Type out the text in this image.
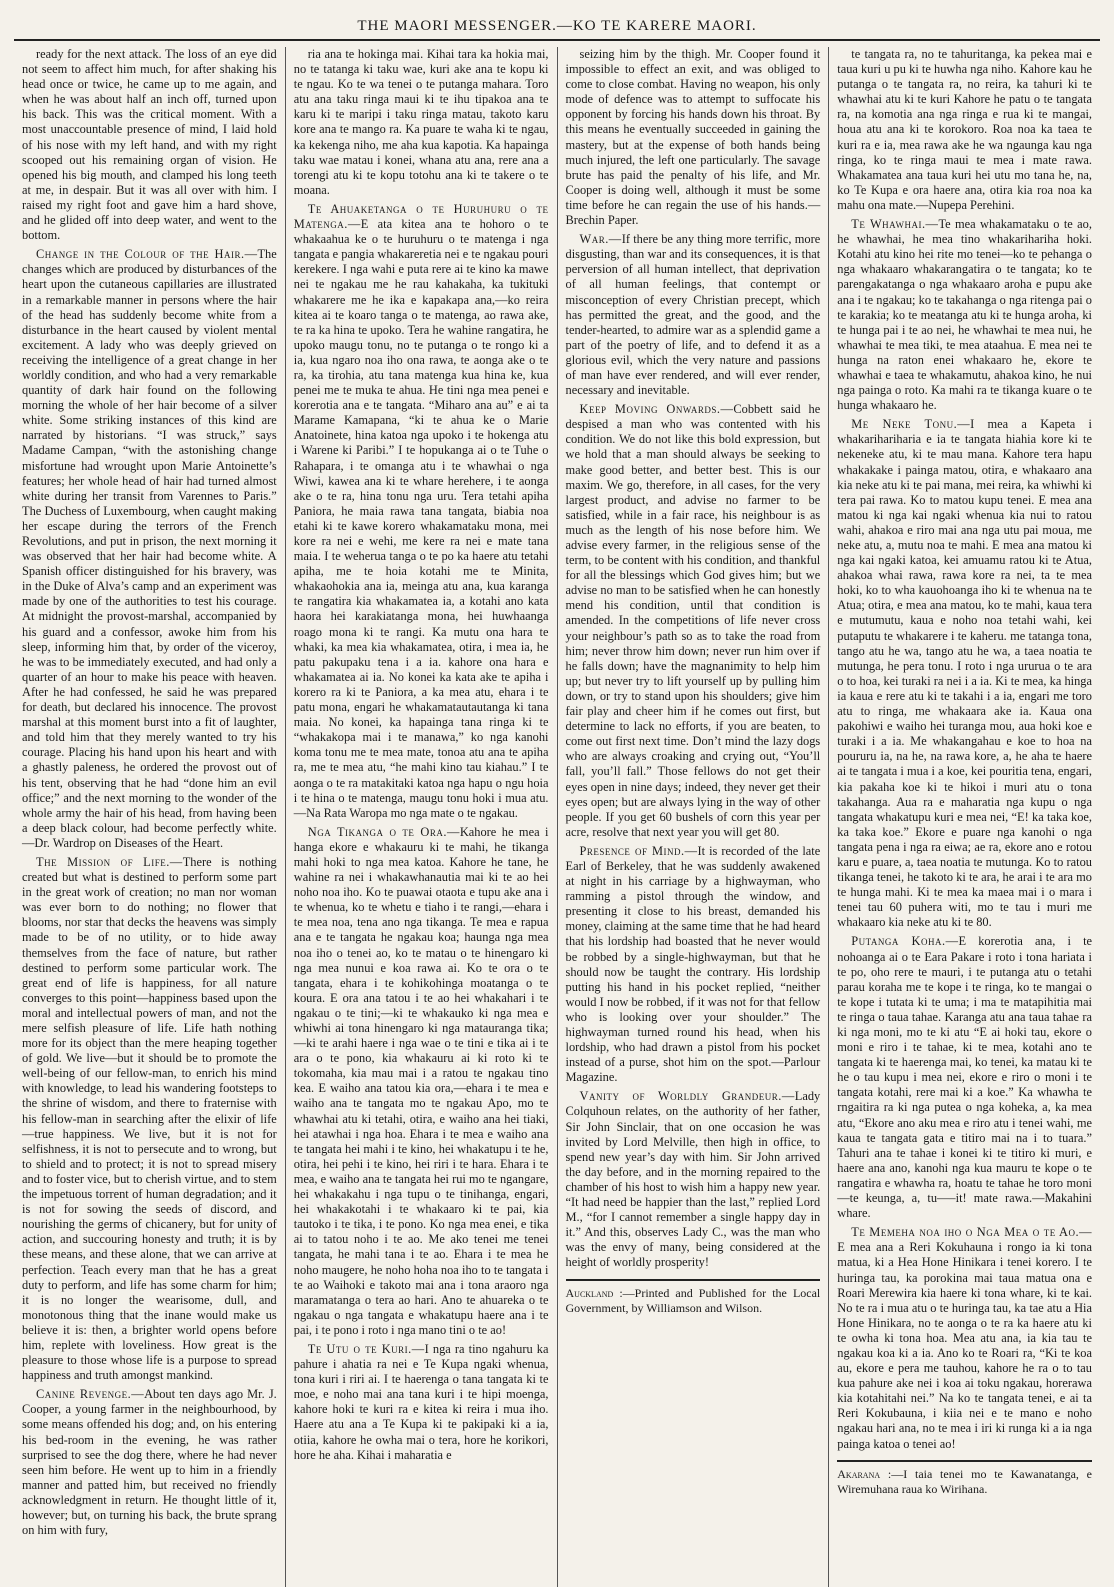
THE MAORI MESSENGER.—KO TE KARERE MAORI.

ready for the next attack. The loss of an eye did not seem to affect him much, for after shaking his head once or twice, he came up to me again, and when he was about half an inch off, turned upon his back. This was the critical moment. With a most unaccountable presence of mind, I laid hold of his nose with my left hand, and with my right scooped out his remaining organ of vision. He opened his big mouth, and clamped his long teeth at me, in despair. But it was all over with him. I raised my right foot and gave him a hard shove, and he glided off into deep water, and went to the bottom.

Change in the Colour of the Hair.—The changes which are produced by disturbances of the heart upon the cutaneous capillaries are illustrated in a remarkable manner in persons where the hair of the head has suddenly become white from a disturbance in the heart caused by violent mental excitement. A lady who was deeply grieved on receiving the intelligence of a great change in her worldly condition, and who had a very remarkable quantity of dark hair found on the following morning the whole of her hair become of a silver white. Some striking instances of this kind are narrated by historians. “I was struck,” says Madame Campan, “with the astonishing change misfortune had wrought upon Marie Antoinette’s features; her whole head of hair had turned almost white during her transit from Varennes to Paris.” The Duchess of Luxembourg, when caught making her escape during the terrors of the French Revolutions, and put in prison, the next morning it was observed that her hair had become white. A Spanish officer distinguished for his bravery, was in the Duke of Alva’s camp and an experiment was made by one of the authorities to test his courage. At midnight the provost-marshal, accompanied by his guard and a confessor, awoke him from his sleep, informing him that, by order of the viceroy, he was to be immediately executed, and had only a quarter of an hour to make his peace with heaven. After he had confessed, he said he was prepared for death, but declared his innocence. The provost marshal at this moment burst into a fit of laughter, and told him that they merely wanted to try his courage. Placing his hand upon his heart and with a ghastly paleness, he ordered the provost out of his tent, observing that he had “done him an evil office;” and the next morning to the wonder of the whole army the hair of his head, from having been a deep black colour, had become perfectly white.—Dr. Wardrop on Diseases of the Heart.

The Mission of Life.—There is nothing created but what is destined to perform some part in the great work of creation; no man nor woman was ever born to do nothing; no flower that blooms, nor star that decks the heavens was simply made to be of no utility, or to hide away themselves from the face of nature, but rather destined to perform some particular work. The great end of life is happiness, for all nature converges to this point—happiness based upon the moral and intellectual powers of man, and not the mere selfish pleasure of life. Life hath nothing more for its object than the mere heaping together of gold. We live—but it should be to promote the well-being of our fellow-man, to enrich his mind with knowledge, to lead his wandering footsteps to the shrine of wisdom, and there to fraternise with his fellow-man in searching after the elixir of life—true happiness. We live, but it is not for selfishness, it is not to persecute and to wrong, but to shield and to protect; it is not to spread misery and to foster vice, but to cherish virtue, and to stem the impetuous torrent of human degradation; and it is not for sowing the seeds of discord, and nourishing the germs of chicanery, but for unity of action, and succouring honesty and truth; it is by these means, and these alone, that we can arrive at perfection. Teach every man that he has a great duty to perform, and life has some charm for him; it is no longer the wearisome, dull, and monotonous thing that the inane would make us believe it is: then, a brighter world opens before him, replete with loveliness. How great is the pleasure to those whose life is a purpose to spread happiness and truth amongst mankind.

Canine Revenge.—About ten days ago Mr. J. Cooper, a young farmer in the neighbourhood, by some means offended his dog; and, on his entering his bed-room in the evening, he was rather surprised to see the dog there, where he had never seen him before. He went up to him in a friendly manner and patted him, but received no friendly acknowledgment in return. He thought little of it, however; but, on turning his back, the brute sprang on him with fury,

ria ana te hokinga mai. Kihai tara ka hokia mai, no te tatanga ki taku wae, kuri ake ana te kopu ki te ngau. Ko te wa tenei o te putanga mahara. Toro atu ana taku ringa maui ki te ihu tipakoa ana te karu ki te maripi i taku ringa matau, takoto karu kore ana te mango ra. Ka puare te waha ki te ngau, ka kekenga niho, me aha kua kapotia. Ka hapainga taku wae matau i konei, whana atu ana, rere ana a torengi atu ki te kopu totohu ana ki te takere o te moana.

Te Ahuaketanga o te Huruhuru o te Matenga.—E ata kitea ana te hohoro o te whakaahua ke o te huruhuru o te matenga i nga tangata e pangia whakareretia nei e te ngakau pouri kerekere. I nga wahi e puta rere ai te kino ka mawe nei te ngakau me he rau kahakaha, ka tukituki whakarere me he ika e kapakapa ana,—ko reira kitea ai te koaro tanga o te matenga, ao rawa ake, te ra ka hina te upoko. Tera he wahine rangatira, he upoko maugu tonu, no te putanga o te rongo ki a ia, kua ngaro noa iho ona rawa, te aonga ake o te ra, ka tirohia, atu tana matenga kua hina ke, kua penei me te muka te ahua. He tini nga mea penei e korerotia ana e te tangata. “Miharo ana au” e ai ta Marame Kamapana, “ki te ahua ke o Marie Anatoinete, hina katoa nga upoko i te hokenga atu i Warene ki Paribi.” I te hopukanga ai o te Tuhe o Rahapara, i te omanga atu i te whawhai o nga Wiwi, kawea ana ki te whare herehere, i te aonga ake o te ra, hina tonu nga uru. Tera tetahi apiha Paniora, he maia rawa tana tangata, biabia noa etahi ki te kawe korero whakamataku mona, mei kore ra nei e wehi, me kere ra nei e mate tana maia. I te weherua tanga o te po ka haere atu tetahi apiha, me te hoia kotahi me te Minita, whakaohokia ana ia, meinga atu ana, kua karanga te rangatira kia whakamatea ia, a kotahi ano kata haora hei karakiatanga mona, hei huwhaanga roago mona ki te rangi. Ka mutu ona hara te whaki, ka mea kia whakamatea, otira, i mea ia, he patu pakupaku tena i a ia. kahore ona hara e whakamatea ai ia. No konei ka kata ake te apiha i korero ra ki te Paniora, a ka mea atu, ehara i te patu mona, engari he whakamatautautanga ki tana maia. No konei, ka hapainga tana ringa ki te “whakakopa mai i te manawa,” ko nga kanohi koma tonu me te mea mate, tonoa atu ana te apiha ra, me te mea atu, “he mahi kino tau kiahau.” I te aonga o te ra matakitaki katoa nga hapu o ngu hoia i te hina o te matenga, maugu tonu hoki i mua atu.—Na Rata Waropa mo nga mate o te ngakau.

Nga Tikanga o te Ora.—Kahore he mea i hanga ekore e whakauru ki te mahi, he tikanga mahi hoki to nga mea katoa. Kahore he tane, he wahine ra nei i whakawhanautia mai ki te ao hei noho noa iho. Ko te puawai otaota e tupu ake ana i te whenua, ko te whetu e tiaho i te rangi,—ehara i te mea noa, tena ano nga tikanga. Te mea e rapua ana e te tangata he ngakau koa; haunga nga mea noa iho o tenei ao, ko te matau o te hinengaro ki nga mea nunui e koa rawa ai. Ko te ora o te tangata, ehara i te kohikohinga moatanga o te koura. E ora ana tatou i te ao hei whakahari i te ngakau o te tini;—ki te whakauko ki nga mea e whiwhi ai tona hinengaro ki nga matauranga tika;—ki te arahi haere i nga wae o te tini e tika ai i te ara o te pono, kia whakauru ai ki roto ki te tokomaha, kia mau mai i a ratou te ngakau tino kea. E waiho ana tatou kia ora,—ehara i te mea e waiho ana te tangata mo te ngakau Apo, mo te whawhai atu ki tetahi, otira, e waiho ana hei tiaki, hei atawhai i nga hoa. Ehara i te mea e waiho ana te tangata hei mahi i te kino, hei whakatupu i te he, otira, hei pehi i te kino, hei riri i te hara. Ehara i te mea, e waiho ana te tangata hei rui mo te ngangare, hei whakakahu i nga tupu o te tinihanga, engari, hei whakakotahi i te whakaaro ki te pai, kia tautoko i te tika, i te pono. Ko nga mea enei, e tika ai to tatou noho i te ao. Me ako tenei me tenei tangata, he mahi tana i te ao. Ehara i te mea he noho maugere, he noho hoha noa iho to te tangata i te ao Waihoki e takoto mai ana i tona araoro nga maramatanga o tera ao hari. Ano te ahuareka o te ngakau o nga tangata e whakatupu haere ana i te pai, i te pono i roto i nga mano tini o te ao!

Te Utu o te Kuri.—I nga ra tino ngahuru ka pahure i ahatia ra nei e Te Kupa ngaki whenua, tona kuri i riri ai. I te haerenga o tana tangata ki te moe, e noho mai ana tana kuri i te hipi moenga, kahore hoki te kuri ra e kitea ki reira i mua iho. Haere atu ana a Te Kupa ki te pakipaki ki a ia, otiia, kahore he owha mai o tera, hore he korikori, hore he aha. Kihai i maharatia e

seizing him by the thigh. Mr. Cooper found it impossible to effect an exit, and was obliged to come to close combat. Having no weapon, his only mode of defence was to attempt to suffocate his opponent by forcing his hands down his throat. By this means he eventually succeeded in gaining the mastery, but at the expense of both hands being much injured, the left one particularly. The savage brute has paid the penalty of his life, and Mr. Cooper is doing well, although it must be some time before he can regain the use of his hands.—Brechin Paper.

War.—If there be any thing more terrific, more disgusting, than war and its consequences, it is that perversion of all human intellect, that deprivation of all human feelings, that contempt or misconception of every Christian precept, which has permitted the great, and the good, and the tender-hearted, to admire war as a splendid game a part of the poetry of life, and to defend it as a glorious evil, which the very nature and passions of man have ever rendered, and will ever render, necessary and inevitable.

Keep Moving Onwards.—Cobbett said he despised a man who was contented with his condition. We do not like this bold expression, but we hold that a man should always be seeking to make good better, and better best. This is our maxim. We go, therefore, in all cases, for the very largest product, and advise no farmer to be satisfied, while in a fair race, his neighbour is as much as the length of his nose before him. We advise every farmer, in the religious sense of the term, to be content with his condition, and thankful for all the blessings which God gives him; but we advise no man to be satisfied when he can honestly mend his condition, until that condition is amended. In the competitions of life never cross your neighbour’s path so as to take the road from him; never throw him down; never run him over if he falls down; have the magnanimity to help him up; but never try to lift yourself up by pulling him down, or try to stand upon his shoulders; give him fair play and cheer him if he comes out first, but determine to lack no efforts, if you are beaten, to come out first next time. Don’t mind the lazy dogs who are always croaking and crying out, “You’ll fall, you’ll fall.” Those fellows do not get their eyes open in nine days; indeed, they never get their eyes open; but are always lying in the way of other people. If you get 60 bushels of corn this year per acre, resolve that next year you will get 80.

Presence of Mind.—It is recorded of the late Earl of Berkeley, that he was suddenly awakened at night in his carriage by a highwayman, who ramming a pistol through the window, and presenting it close to his breast, demanded his money, claiming at the same time that he had heard that his lordship had boasted that he never would be robbed by a single-highwayman, but that he should now be taught the contrary. His lordship putting his hand in his pocket replied, “neither would I now be robbed, if it was not for that fellow who is looking over your shoulder.” The highwayman turned round his head, when his lordship, who had drawn a pistol from his pocket instead of a purse, shot him on the spot.—Parlour Magazine.

Vanity of Worldly Grandeur.—Lady Colquhoun relates, on the authority of her father, Sir John Sinclair, that on one occasion he was invited by Lord Melville, then high in office, to spend new year’s day with him. Sir John arrived the day before, and in the morning repaired to the chamber of his host to wish him a happy new year. “It had need be happier than the last,” replied Lord M., “for I cannot remember a single happy day in it.” And this, observes Lady C., was the man who was the envy of many, being considered at the height of worldly prosperity!

Auckland :—Printed and Published for the Local Government, by Williamson and Wilson.

te tangata ra, no te tahuritanga, ka pekea mai e taua kuri u pu ki te huwha nga niho. Kahore kau he putanga o te tangata ra, no reira, ka tahuri ki te whawhai atu ki te kuri Kahore he patu o te tangata ra, na komotia ana nga ringa e rua ki te mangai, houa atu ana ki te korokoro. Roa noa ka taea te kuri ra e ia, mea rawa ake he wa ngaunga kau nga ringa, ko te ringa maui te mea i mate rawa. Whakamatea ana taua kuri hei utu mo tana he, na, ko Te Kupa e ora haere ana, otira kia roa noa ka mahu ona mate.—Nupepa Perehini.

Te Whawhai.—Te mea whakamataku o te ao, he whawhai, he mea tino whakarihariha hoki. Kotahi atu kino hei rite mo tenei—ko te pehanga o nga whakaaro whakarangatira o te tangata; ko te parengakatanga o nga whakaaro aroha e pupu ake ana i te ngakau; ko te takahanga o nga ritenga pai o te karakia; ko te meatanga atu ki te hunga aroha, ki te hunga pai i te ao nei, he whawhai te mea nui, he whawhai te mea tiki, te mea ataahua. E mea nei te hunga na raton enei whakaaro he, ekore te whawhai e taea te whakamutu, ahakoa kino, he nui nga painga o roto. Ka mahi ra te tikanga kuare o te hunga whakaaro he.

Me Neke Tonu.—I mea a Kapeta i whakarihariharia e ia te tangata hiahia kore ki te nekeneke atu, ki te mau mana. Kahore tera hapu whakakake i painga matou, otira, e whakaaro ana kia neke atu ki te pai mana, mei reira, ka whiwhi ki tera pai rawa. Ko to matou kupu tenei. E mea ana matou ki nga kai ngaki whenua kia nui to ratou wahi, ahakoa e riro mai ana nga utu pai moua, me neke atu, a, mutu noa te mahi. E mea ana matou ki nga kai ngaki katoa, kei amuamu ratou ki te Atua, ahakoa whai rawa, rawa kore ra nei, ta te mea hoki, ko to wha kauohoanga iho ki te whenua na te Atua; otira, e mea ana matou, ko te mahi, kaua tera e mutumutu, kaua e noho noa tetahi wahi, kei putaputu te whakarere i te kaheru. me tatanga tona, tango atu he wa, tango atu he wa, a taea noatia te mutunga, he pera tonu. I roto i nga ururua o te ara o to hoa, kei turaki ra nei i a ia. Ki te mea, ka hinga ia kaua e rere atu ki te takahi i a ia, engari me toro atu to ringa, me whakaara ake ia. Kaua ona pakohiwi e waiho hei turanga mou, aua hoki koe e turaki i a ia. Me whakangahau e koe to hoa na poururu ia, na he, na rawa kore, a, he aha te haere ai te tangata i mua i a koe, kei pouritia tena, engari, kia pakaha koe ki te hikoi i muri atu o tona takahanga. Aua ra e maharatia nga kupu o nga tangata whakatupu kuri e mea nei, “E! ka taka koe, ka taka koe.” Ekore e puare nga kanohi o nga tangata pena i nga ra eiwa; ae ra, ekore ano e rotou karu e puare, a, taea noatia te mutunga. Ko to ratou tikanga tenei, he takoto ki te ara, he arai i te ara mo te hunga mahi. Ki te mea ka maea mai i o mara i tenei tau 60 puhera witi, mo te tau i muri me whakaaro kia neke atu ki te 80.

Putanga Koha.—E korerotia ana, i te nohoanga ai o te Eara Pakare i roto i tona hariata i te po, oho rere te mauri, i te putanga atu o tetahi parau koraha me te kope i te ringa, ko te mangai o te kope i tutata ki te uma; i ma te matapihitia mai te ringa o taua tahae. Karanga atu ana taua tahae ra ki nga moni, mo te ki atu “E ai hoki tau, ekore o moni e riro i te tahae, ki te mea, kotahi ano te tangata ki te haerenga mai, ko tenei, ka matau ki te he o tau kupu i mea nei, ekore e riro o moni i te tangata kotahi, rere mai ki a koe.” Ka whawha te rngaitira ra ki nga putea o nga koheka, a, ka mea atu, “Ekore ano aku mea e riro atu i tenei wahi, me kaua te tangata gata e titiro mai na i to tuara.” Tahuri ana te tahae i konei ki te titiro ki muri, e haere ana ano, kanohi nga kua mauru te kope o te rangatira e whawha ra, hoatu te tahae he toro moni—te keunga, a, tu—–it! mate rawa.—Makahini whare.

Te Memeha noa iho o Nga Mea o te Ao.—E mea ana a Reri Kokuhauna i rongo ia ki tona matua, ki a Hea Hone Hinikara i tenei korero. I te huringa tau, ka porokina mai taua matua ona e Roari Merewira kia haere ki tona whare, ki te kai. No te ra i mua atu o te huringa tau, ka tae atu a Hia Hone Hinikara, no te aonga o te ra ka haere atu ki te owha ki tona hoa. Mea atu ana, ia kia tau te ngakau koa ki a ia. Ano ko te Roari ra, “Ki te koa au, ekore e pera me tauhou, kahore he ra o to tau kua pahure ake nei i koa ai toku ngakau, horerawa kia kotahitahi nei.” Na ko te tangata tenei, e ai ta Reri Kokubauna, i kiia nei e te mano e noho ngakau hari ana, no te mea i iri ki runga ki a ia nga painga katoa o tenei ao!

Akarana :—I taia tenei mo te Kawanatanga, e Wiremuhana raua ko Wirihana.
